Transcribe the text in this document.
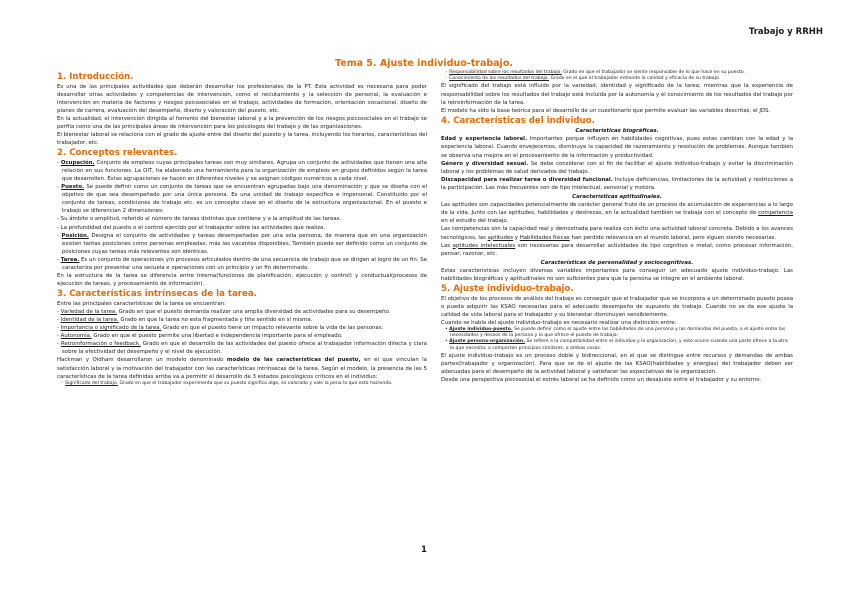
Trabajo y RRHH
Tema 5. Ajuste individuo-trabajo.
1. Introducción.

Es una de las principales actividades que deberán desarrollar los profesionales de la PT. Esta actividad es necesaria para poder desarrollar otras actividades y competencias de intervención, como el reclutamiento y la selección de personal, la evaluación e intervención en materia de factores y riesgos psicosociales en el trabajo, actividades de formación, orientación vocacional, diseño de planes de carrera, evaluación del desempeño, diseño y valoración del puesto, etc.

En la actualidad, el intervención dirigida al fomento del bienestar laboral y a la prevención de los riesgos psicosociales en el trabajo se perfila como una de las principales áreas de intervención para los psicólogos del trabajo y de las organizaciones.

El bienestar laboral se relaciona con el grado de ajuste entre del diseño del puesto y la tarea, incluyendo los horarios, características del trabajador, etc.

2. Conceptos relevantes.
- Ocupación. Conjunto de empleos cuyas principales tareas son muy similares. Agrupa un conjunto de actividades que tienen una alta relación en sus funciones. La OIT, ha elaborado una herramienta para la organización de empleos en grupos definidos según la tarea que desarrollen. Estas agrupaciones se hacen en diferentes niveles y se asignan códigos numéricos a cada nivel.
- Puesto. Se puede definir como un conjunto de tareas que se encuentran agrupadas bajo una denominación y que se diseña con el objetivo de que sea desempeñado por una única persona. Es una unidad de trabajo específica e impersonal. Constituido por el conjunto de tareas, condiciones de trabajo etc. es un concepto clave en el diseño de la estructura organizacional. En el puesto e trabajo se diferencian 2 dimensiones:
- Su ámbito o amplitud, referido al número de tareas distintas que contiene y a la amplitud de las tareas.
- La profundidad del puesto o el control ejercido por el trabajador sobre las actividades que realiza.
- Posición. Designa el conjunto de actividades y tareas desempeñadas por una sola persona, de manera que en una organización existen tantas posiciones como personas empleadas, más las vacantes disponibles. También puede ser definido como un conjunto de posiciones cuyas tareas más relevantes son idénticas.
- Tarea. Es un conjunto de operaciones y/o procesos articulados dentro de una secuencia de trabajo que se dirigen al logro de un fin. Se caracteriza por presentar una secuela e operaciones con un principio y un fin determinado.

En la estructura de la tarea se diferencia entre interna(funciones de planificación, ejecución y control) y conductual(procesos de ejecución de tareas, y procesamiento de información).

3. Características intrínsecas de la tarea.

Entre las principales características de la tarea se encuentran:

- Variedad de la tarea. Grado en que el puesto demanda realizar una amplia diversidad de actividades para su desempeño.
- Identidad de la tarea. Grado en que la tarea no esta fragmentada y tiñe sentido en sí misma.
- Importancia o significado de la tarea. Grado en que el puesto tiene un impacto relevante sobre la vida de las personas.
- Autonomía. Grado en que el puesto permite una libertad e independencia importante para el empleado.
- Retroinformación o feedback. Grado en que el desarrollo de las actividades del puesto ofrece al trabajador información directa y clara sobre la efectividad del desempeño y el nivel de ejecución.

Hackman y Oldham desarrollaron un modelo denominado modelo de las características del puesto, en el que vinculan la satisfacción laboral y la motivación del trabajador con las características intrínsecas de la tarea. Según el modelo, la presencia de las 5 características de la tarea definidas arriba va a permitir el desarrollo de 3 estados psicológicos críticos en el individuo:

◦ Significado del trabajo. Grado en que el trabajador experimenta que su puesto significa algo, es valorado y vale la pena lo que esta haciendo.
◦ Responsabilidad sobre los resultados del trabajo. Grado en que el trabajador se siente responsable de lo que hace en su puesto.
◦ Conocimiento de los resultados del trabajo. Grado en el que el trabajador entiende la calidad y eficacia de su trabajo.

El significado del trabajo está influido por la variedad, identidad y significado de la tarea; mientras que la experiencia de responsabilidad sobre los resultados del trabajo está incluida por la autonomía y el conocimiento de los resultados del trabajo por la retroinformación de la tarea.

El modelo ha sido la base teórica para el desarrollo de un cuestionario que permite evaluar las variables descritas, el JDS.

4. Características del individuo.
Características biográficas.

Edad y experiencia laboral. Importantes porque influyen en habilidades cognitivas, pues estas cambian con la edad y la experiencia laboral. Cuando envejecemos, disminuye la capacidad de razonamiento y resolución de problemas. Aunque también se observa una mejora en el procesamiento de la información y productividad.

Género y diversidad sexual. Se debe considerar con el fin de facilitar el ajuste individuo-trabajo y evitar la discriminación laboral y los problemas de salud derivados del trabajo.

Discapacidad para realizar tarea o diversidad funcional. Incluye deficiencias, limitaciones de la actividad y restricciones a la participación. Las más frecuentes son de tipo intelectual, sensorial y motora.

Características aptitudinales.

Las aptitudes son capacidades potencialmente de carácter general fruto de un proceso de acumulación de experiencias a lo largo de la vida. Junto con las aptitudes, habilidades y destrezas, en la actualidad también se trabaja con el concepto de competencia en el estudio del trabajo.

Las competencias son la capacidad real y demostrada para realiza con éxito una actividad laboral concreta. Debido a los avances tecnológicos, las aptitudes y Habilidades físicas han perdido relevancia en el mundo laboral, pero siguen siendo necesarias.

Las aptitudes intelectuales son necesarias para desarrollar actividades de tipo cognitivo o metal, como procesar información, pensar, razonar, etc.

Características de personalidad y sociocognitivas.

Estas características incluyen diversas variables importantes para conseguir un adecuado ajuste individuo-trabajo. Las habilidades biográficas y aptitudinales no son suficientes para que la persona se integre en el ambiente laboral.

5. Ajuste individuo-trabajo.

El objetivo de los procesos de análisis del trabajo es conseguir que el trabajador que se incorpora a un determinado puesto posea o pueda adquirir las KSAO necesarias para el adecuado desempeño de supuesto de trabajo. Cuando no se da ese ajuste la calidad de vida laboral para el trabajador y su bienestar disminuyen sensiblemente.

Cuando se habla del ajuste individuo-trabajo es necesario realizar una distinción entre:

• Ajuste individuo-puesto. Se puede definir como el ajuste entre las habilidades de una persona y las demandas del puesto, o el ajuste entre las necesidades y deseos de la persona y lo que ofrece el puesto de trabajo.
• Ajuste persona-organización. Se refiere a la compatibilidad entre el individuo y la organización, y esto ocurre cuando una parte ofrece a la otra lo que necesita, o comparten principios similares, o ambas cosas.

El ajuste individuo-trabajo es un proceso doble y bidireccional, en el que se distingue entre recursos y demandas de ambas partes(trabajador y organización). Para que se de el ajuste de las KSAO(habilidades y energías) del trabajador deben ser adecuadas para el desempeño de la actividad laboral y satisfacer las expectativas de la organización.

Desde una perspectiva psicosocial el estrés laboral se ha definido como un desajuste entre el trabajador y su entorno.

1
